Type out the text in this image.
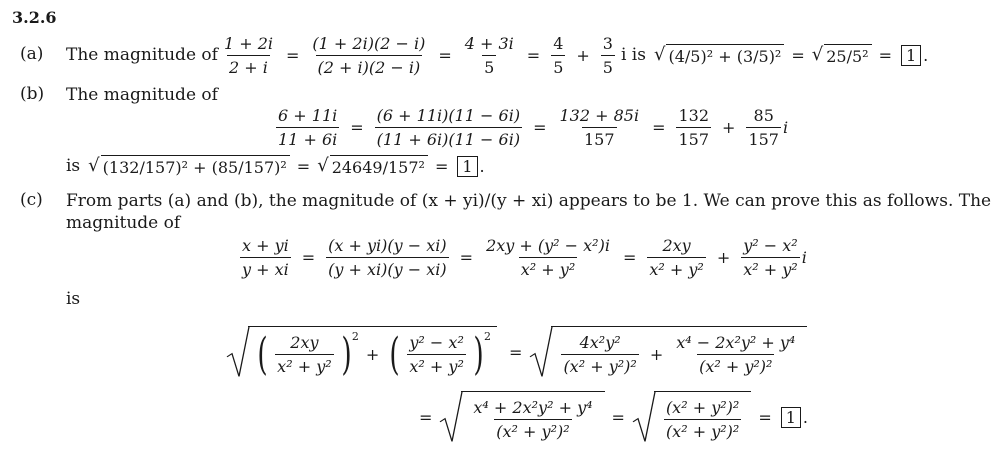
3.2.6
(a) The magnitude of $\frac{1 + 2i}{2 + i} = \frac{(1 + 2i)(2 - i)}{(2 + i)(2 - i)} = \frac{4 + 3i}{5} = \frac{4}{5} + \frac{3}{5}$ i is √ (4/5)² + (3/5)² = √ 25/5² = 1 .
(b) The magnitude of
$\frac{6 + 11i}{11 + 6i} = \frac{(6 + 11i)(11 - 6i)}{(11 + 6i)(11 - 6i)} = \frac{132 + 85i}{157} = \frac{132}{157} + \frac{85}{157}$ i
is √ (132/157)² + (85/157)² = √ 24649/157² = 1 .
(c) From parts (a) and (b), the magnitude of (x + yi)/(y + xi) appears to be 1. We can prove this as follows. The
magnitude of
$\frac{x + yi}{y + xi} = \frac{(x + yi)(y - xi)}{(y + xi)(y - xi)} = \frac{\text{2xy + (y² − x²)i}}{\text{x² + y²}} = \frac{2xy}{\text{x² + y²}} + \frac{\text{y² − x²}}{\text{x² + y²}}$ i
is
( $\frac{2xy}{\text{x² + y²}}$ ) 2
+ ( $\frac{\text{y² − x²}}{\text{x² + y²}}$ ) 2
= $\frac{\text{4x²y²}}{\text{(x² + y²)²}} + \frac{\text{x⁴ − 2x²y² + y⁴}}{\text{(x² + y²)²}}$
= $\frac{\text{x⁴ + 2x²y² + y⁴}}{\text{(x² + y²)²}} = \frac{\text{(x² + y²)²}}{\text{(x² + y²)²}} = 1$ .
